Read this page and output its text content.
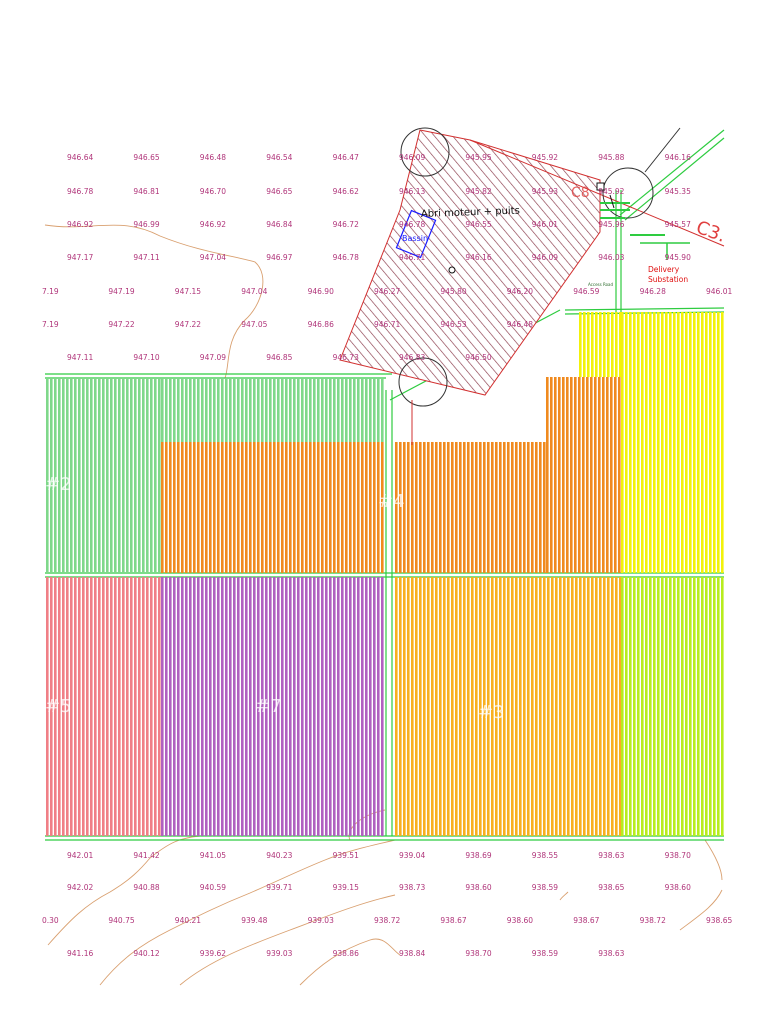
Abri moteur + puits
Bassin
Delivery
Substation
Access Road
C3.
C8
946.64	946.65	946.48	946.54	946.47	946.09	945.95	945.92	945.88	946.16
946.78	946.81	946.70	946.65	946.62	946.13	945.82	945.93	945.92	945.35
946.92	946.99	946.92	946.84	946.72	946.78	946.55	946.01	945.96	945.57
947.17	947.11	947.04	946.97	946.78	946.71	946.16	946.09	946.03	945.90
7.19	947.19	947.15	947.04	946.90	946.27	945.80	946.20	946.59	946.28	946.01
7.19	947.22	947.22	947.05	946.86	946.71	946.53	946.48
947.11	947.10	947.09	946.85	946.73	946.83	946.50
942.01	941.42	941.05	940.23	939.51	939.04	938.69	938.55	938.63	938.70
942.02	940.88	940.59	939.71	939.15	938.73	938.60	938.59	938.65	938.60
0.30	940.75	940.21	939.48	939.03	938.72	938.67	938.60	938.67	938.72	938.65
941.16	940.12	939.62	939.03	938.86	938.84	938.70	938.59	938.63
#4
#7	#3
#2
#5
